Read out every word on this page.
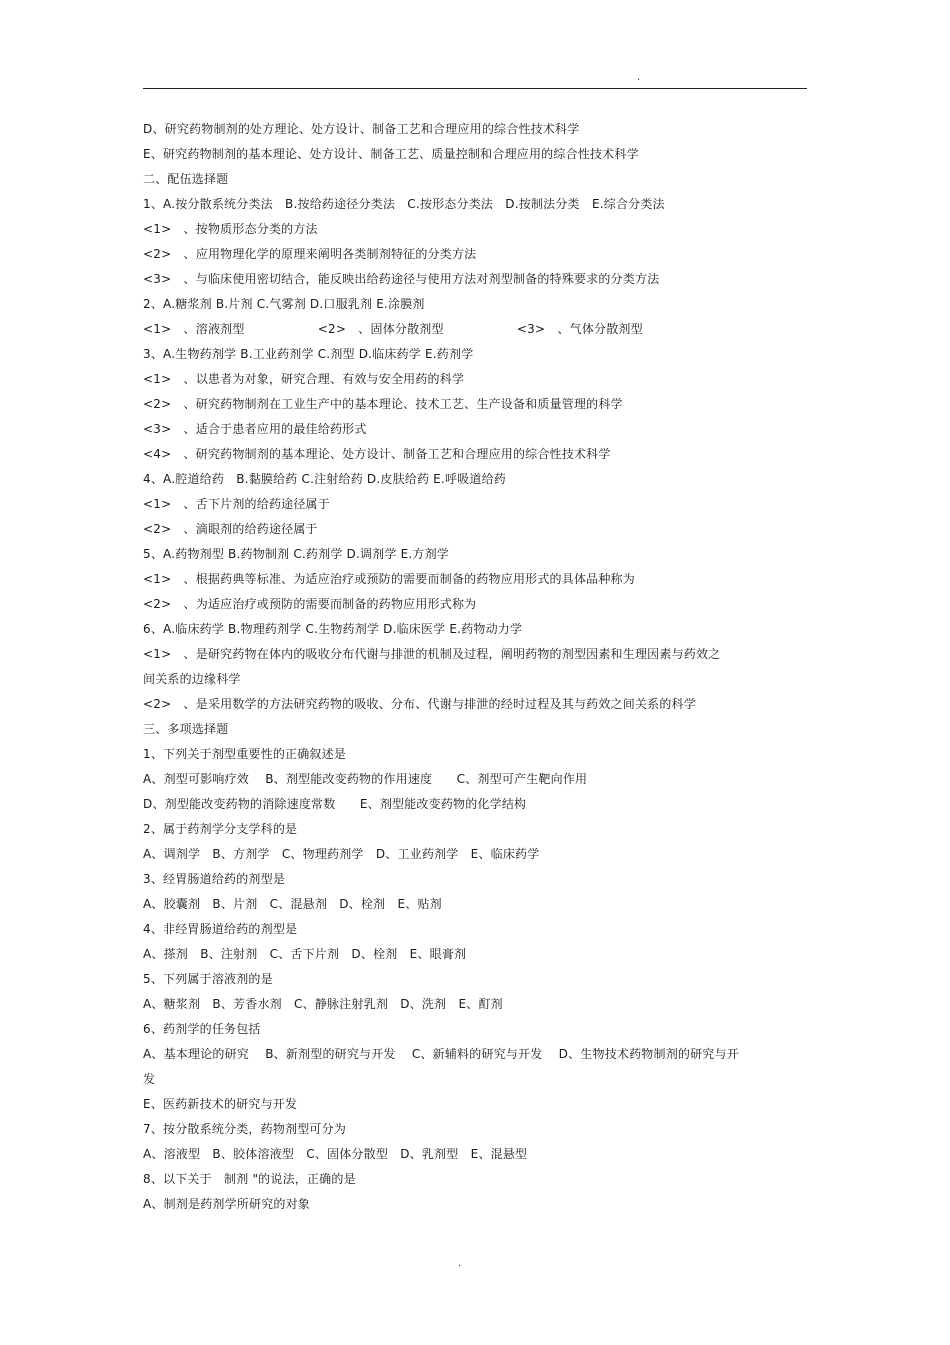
.
D、研究药物制剂的处方理论、处方设计、制备工艺和合理应用的综合性技术科学
E、研究药物制剂的基本理论、处方设计、制备工艺、质量控制和合理应用的综合性技术科学
二、配伍选择题
1、A.按分散系统分类法　B.按给药途径分类法　C.按形态分类法　D.按制法分类　E.综合分类法
<1>　、按物质形态分类的方法
<2>　、应用物理化学的原理来阐明各类制剂特征的分类方法
<3>　、与临床使用密切结合，能反映出给药途径与使用方法对剂型制备的特殊要求的分类方法
2、A.糖浆剂 B.片剂 C.气雾剂 D.口服乳剂 E.涂膜剂
<1>　、溶液剂型　　　　　　<2>　、固体分散剂型　　　　　　<3>　、气体分散剂型
3、A.生物药剂学 B.工业药剂学 C.剂型 D.临床药学 E.药剂学
<1>　、以患者为对象，研究合理、有效与安全用药的科学
<2>　、研究药物制剂在工业生产中的基本理论、技术工艺、生产设备和质量管理的科学
<3>　、适合于患者应用的最佳给药形式
<4>　、研究药物制剂的基本理论、处方设计、制备工艺和合理应用的综合性技术科学
4、A.腔道给药　B.黏膜给药 C.注射给药 D.皮肤给药 E.呼吸道给药
<1>　、舌下片剂的给药途径属于
<2>　、滴眼剂的给药途径属于
5、A.药物剂型 B.药物制剂 C.药剂学 D.调剂学 E.方剂学
<1>　、根据药典等标准、为适应治疗或预防的需要而制备的药物应用形式的具体品种称为
<2>　、为适应治疗或预防的需要而制备的药物应用形式称为
6、A.临床药学 B.物理药剂学 C.生物药剂学 D.临床医学 E.药物动力学
<1>　、是研究药物在体内的吸收分布代谢与排泄的机制及过程，阐明药物的剂型因素和生理因素与药效之
间关系的边缘科学
<2>　、是采用数学的方法研究药物的吸收、分布、代谢与排泄的经时过程及其与药效之间关系的科学
三、多项选择题
1、下列关于剂型重要性的正确叙述是
A、剂型可影响疗效　 B、剂型能改变药物的作用速度　　C、剂型可产生靶向作用
D、剂型能改变药物的消除速度常数　　E、剂型能改变药物的化学结构
2、属于药剂学分支学科的是
A、调剂学　B、方剂学　C、物理药剂学　D、工业药剂学　E、临床药学
3、经胃肠道给药的剂型是
A、胶囊剂　B、片剂　C、混悬剂　D、栓剂　E、贴剂
4、非经胃肠道给药的剂型是
A、搽剂　B、注射剂　C、舌下片剂　D、栓剂　E、眼膏剂
5、下列属于溶液剂的是
A、糖浆剂　B、芳香水剂　C、静脉注射乳剂　D、洗剂　E、酊剂
6、药剂学的任务包括
A、基本理论的研究　 B、新剂型的研究与开发　 C、新辅料的研究与开发　 D、生物技术药物制剂的研究与开
发
E、医药新技术的研究与开发
7、按分散系统分类，药物剂型可分为
A、溶液型　B、胶体溶液型　C、固体分散型　D、乳剂型　E、混悬型
8、以下关于　制剂 "的说法，正确的是
A、制剂是药剂学所研究的对象
.
